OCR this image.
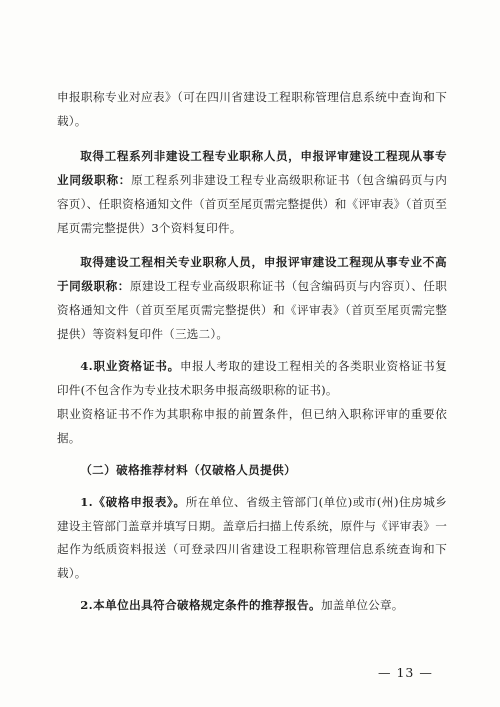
申报职称专业对应表》（可在四川省建设工程职称管理信息系统中查询和下载）。

取得工程系列非建设工程专业职称人员，申报评审建设工程现从事专业同级职称：原工程系列非建设工程专业高级职称证书（包含编码页与内容页）、任职资格通知文件（首页至尾页需完整提供）和《评审表》（首页至尾页需完整提供）3个资料复印件。

取得建设工程相关专业职称人员，申报评审建设工程现从事专业不高于同级职称：原建设工程专业高级职称证书（包含编码页与内容页）、任职资格通知文件（首页至尾页需完整提供）和《评审表》（首页至尾页需完整提供）等资料复印件（三选二）。

4.职业资格证书。申报人考取的建设工程相关的各类职业资格证书复印件(不包含作为专业技术职务申报高级职称的证书)。

职业资格证书不作为其职称申报的前置条件，但已纳入职称评审的重要依据。

（二）破格推荐材料（仅破格人员提供）

1.《破格申报表》。所在单位、省级主管部门(单位)或市(州)住房城乡建设主管部门盖章并填写日期。盖章后扫描上传系统，原件与《评审表》一起作为纸质资料报送（可登录四川省建设工程职称管理信息系统查询和下载）。

2.本单位出具符合破格规定条件的推荐报告。加盖单位公章。

— 13 —
